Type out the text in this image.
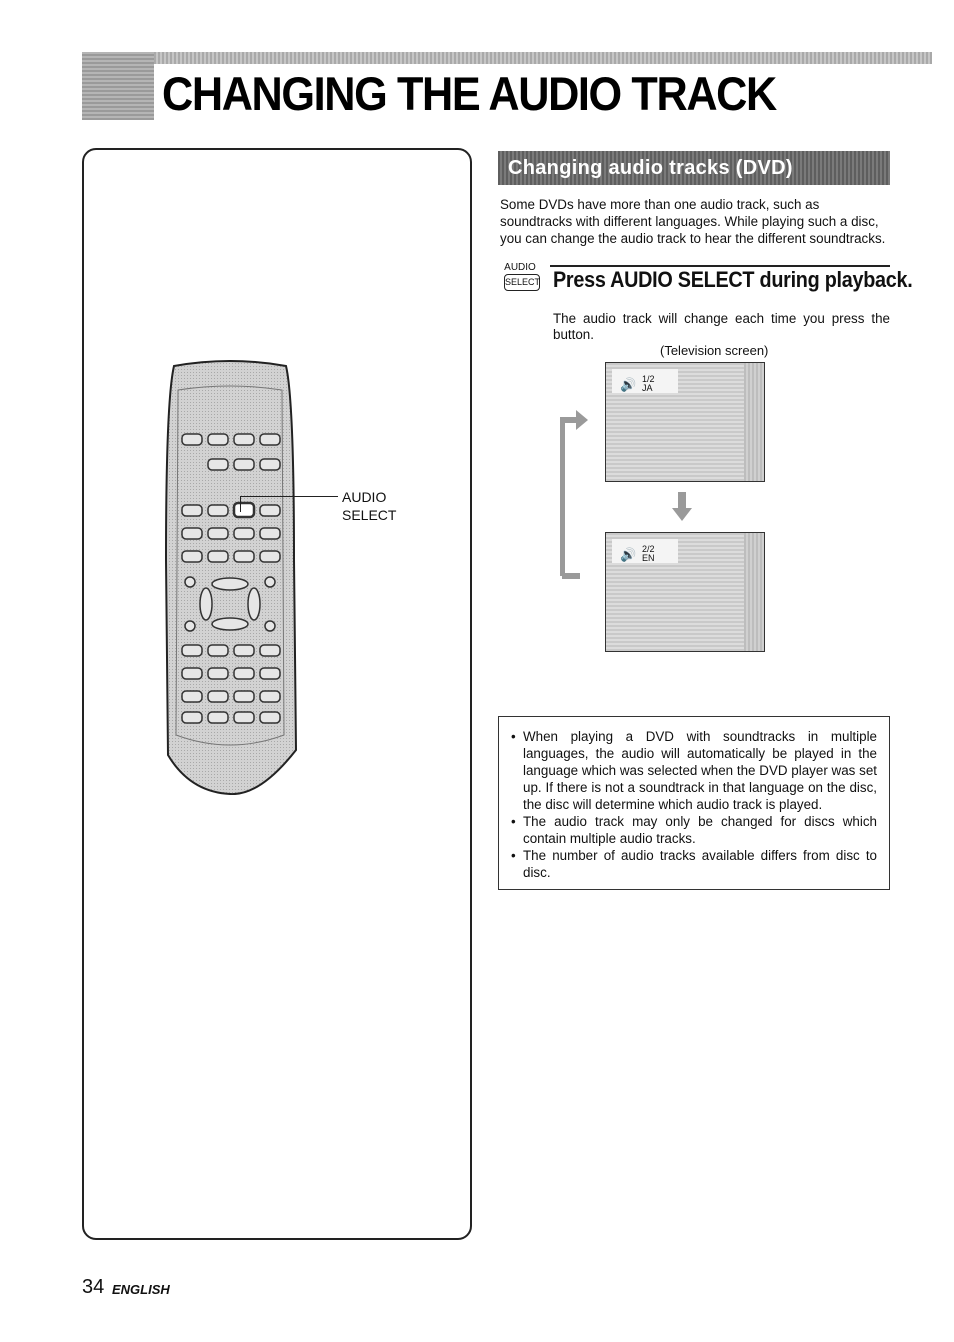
CHANGING THE AUDIO TRACK
AUDIO
SELECT
Changing audio tracks (DVD)

Some DVDs have more than one audio track, such as soundtracks with different languages. While playing such a disc, you can change the audio track to hear the different soundtracks.

AUDIO
SELECT Press AUDIO SELECT during playback.

The audio track will change each time you press the button.

(Television screen)
🔊 1/2
JA
🔊 2/2
EN
• When playing a DVD with soundtracks in multiple languages, the audio will automatically be played in the language which was selected when the DVD player was set up. If there is not a soundtrack in that language on the disc, the disc will determine which audio track is played.
• The audio track may only be changed for discs which contain multiple audio tracks.
• The number of audio tracks available differs from disc to disc.
34 ENGLISH
